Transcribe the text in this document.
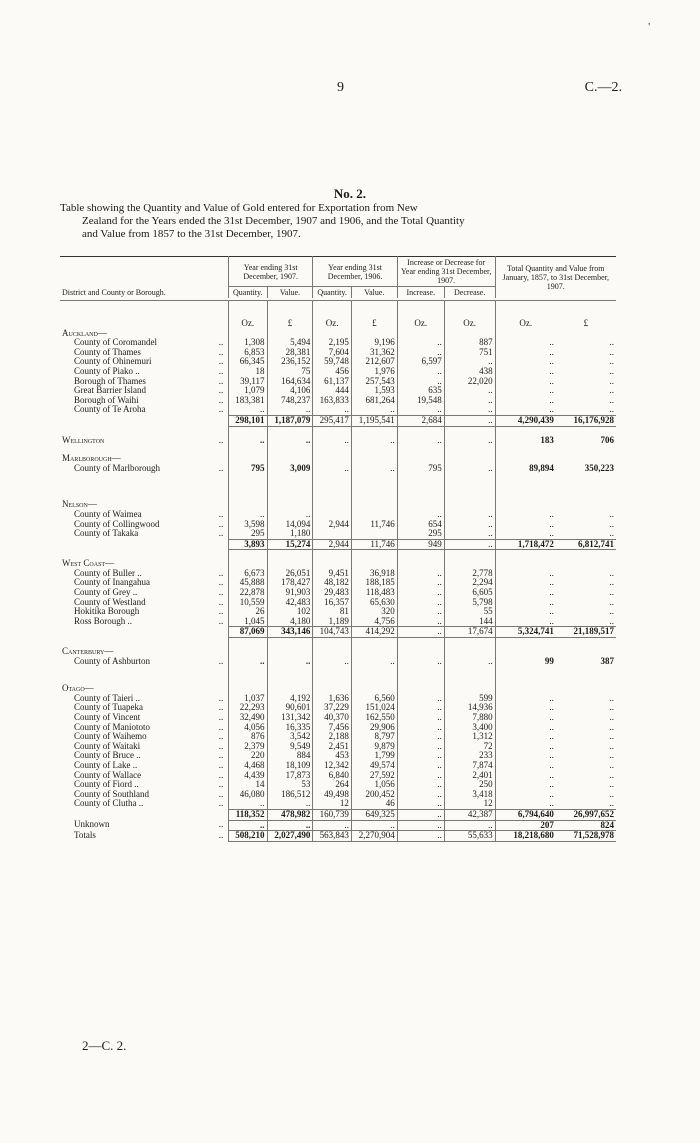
'
9	C.—2.
No. 2.
Table showing the Quantity and Value of Gold entered for Exportation from New
Zealand for the Years ended the 31st December, 1907 and 1906, and the Total Quantity
and Value from 1857 to the 31st December, 1907.
District and County or Borough.		Year ending 31st December, 1907.		Year ending 31st December, 1906.		Increase or Decrease for Year ending 31st December, 1907.		Total Quantity and Value from January, 1857, to 31st December, 1907.	
		Quantity.	Value.	Quantity.	Value.	Increase.	Decrease.		

		Oz.	£	Oz.	£	Oz.	Oz.	Oz.	£
Auckland—									
County of Coromandel	..	1,308	5,494	2,195	9,196	..	887	..	..
County of Thames	..	6,853	28,381	7,604	31,362	..	751	..	..
County of Ohinemuri	..	66,345	236,152	59,748	212,607	6,597	..	..	..
County of Piako ..	..	18	75	456	1,976	..	438	..	..
Borough of Thames	..	39,117	164,634	61,137	257,543	..	22,020	..	..
Great Barrier Island	..	1,079	4,106	444	1,593	635	..	..	..
Borough of Waihi	..	183,381	748,237	163,833	681,264	19,548	..	..	..
County of Te Aroha	..	..	..	..	..	..	..	..	..
		298,101	1,187,079	295,417	1,195,541	2,684	..	4,290,439	16,176,928

Wellington	..	..	..	..	..	..	..	183	706

Marlborough—									
County of Marlborough	..	795	3,009	..	..	795	..	89,894	350,223

Nelson—									
County of Waimea	..	..	..			..	..	..	..
County of Collingwood	..	3,598	14,094	2,944	11,746	654	..	..	..
County of Takaka	..	295	1,180			295	..	..	..
		3,893	15,274	2,944	11,746	949	..	1,718,472	6,812,741

West Coast—									
County of Buller ..	..	6,673	26,051	9,451	36,918	..	2,778	..	..
County of Inangahua	..	45,888	178,427	48,182	188,185	..	2,294	..	..
County of Grey ..	..	22,878	91,903	29,483	118,483	..	6,605	..	..
County of Westland	..	10,559	42,483	16,357	65,630	..	5,798	..	..
Hokitika Borough	..	26	102	81	320	..	55	..	..
Ross Borough ..	..	1,045	4,180	1,189	4,756	..	144	..	..
		87,069	343,146	104,743	414,292	..	17,674	5,324,741	21,189,517

Canterbury—									
County of Ashburton	..	..	..	..	..	..	..	99	387

Otago—									
County of Taieri ..	..	1,037	4,192	1,636	6,560	..	599	..	..
County of Tuapeka	..	22,293	90,601	37,229	151,024	..	14,936	..	..
County of Vincent	..	32,490	131,342	40,370	162,550	..	7,880	..	..
County of Maniototo	..	4,056	16,335	7,456	29,906	..	3,400	..	..
County of Waihemo	..	876	3,542	2,188	8,797	..	1,312	..	..
County of Waitaki	..	2,379	9,549	2,451	9,879	..	72	..	..
County of Bruce ..	..	220	884	453	1,799	..	233	..	..
County of Lake ..	..	4,468	18,109	12,342	49,574	..	7,874	..	..
County of Wallace	..	4,439	17,873	6,840	27,592	..	2,401	..	..
County of Fiord ..	..	14	53	264	1,056	..	250	..	..
County of Southland	..	46,080	186,512	49,498	200,452	..	3,418	..	..
County of Clutha ..	..	..	..	12	46	..	12	..	..
		118,352	478,982	160,739	649,325	..	42,387	6,794,640	26,997,652
Unknown	..	..	..	..	..	..	..	207	824
Totals	..	508,210	2,027,490	563,843	2,270,904	..	55,633	18,218,680	71,528,978
2—C. 2.
